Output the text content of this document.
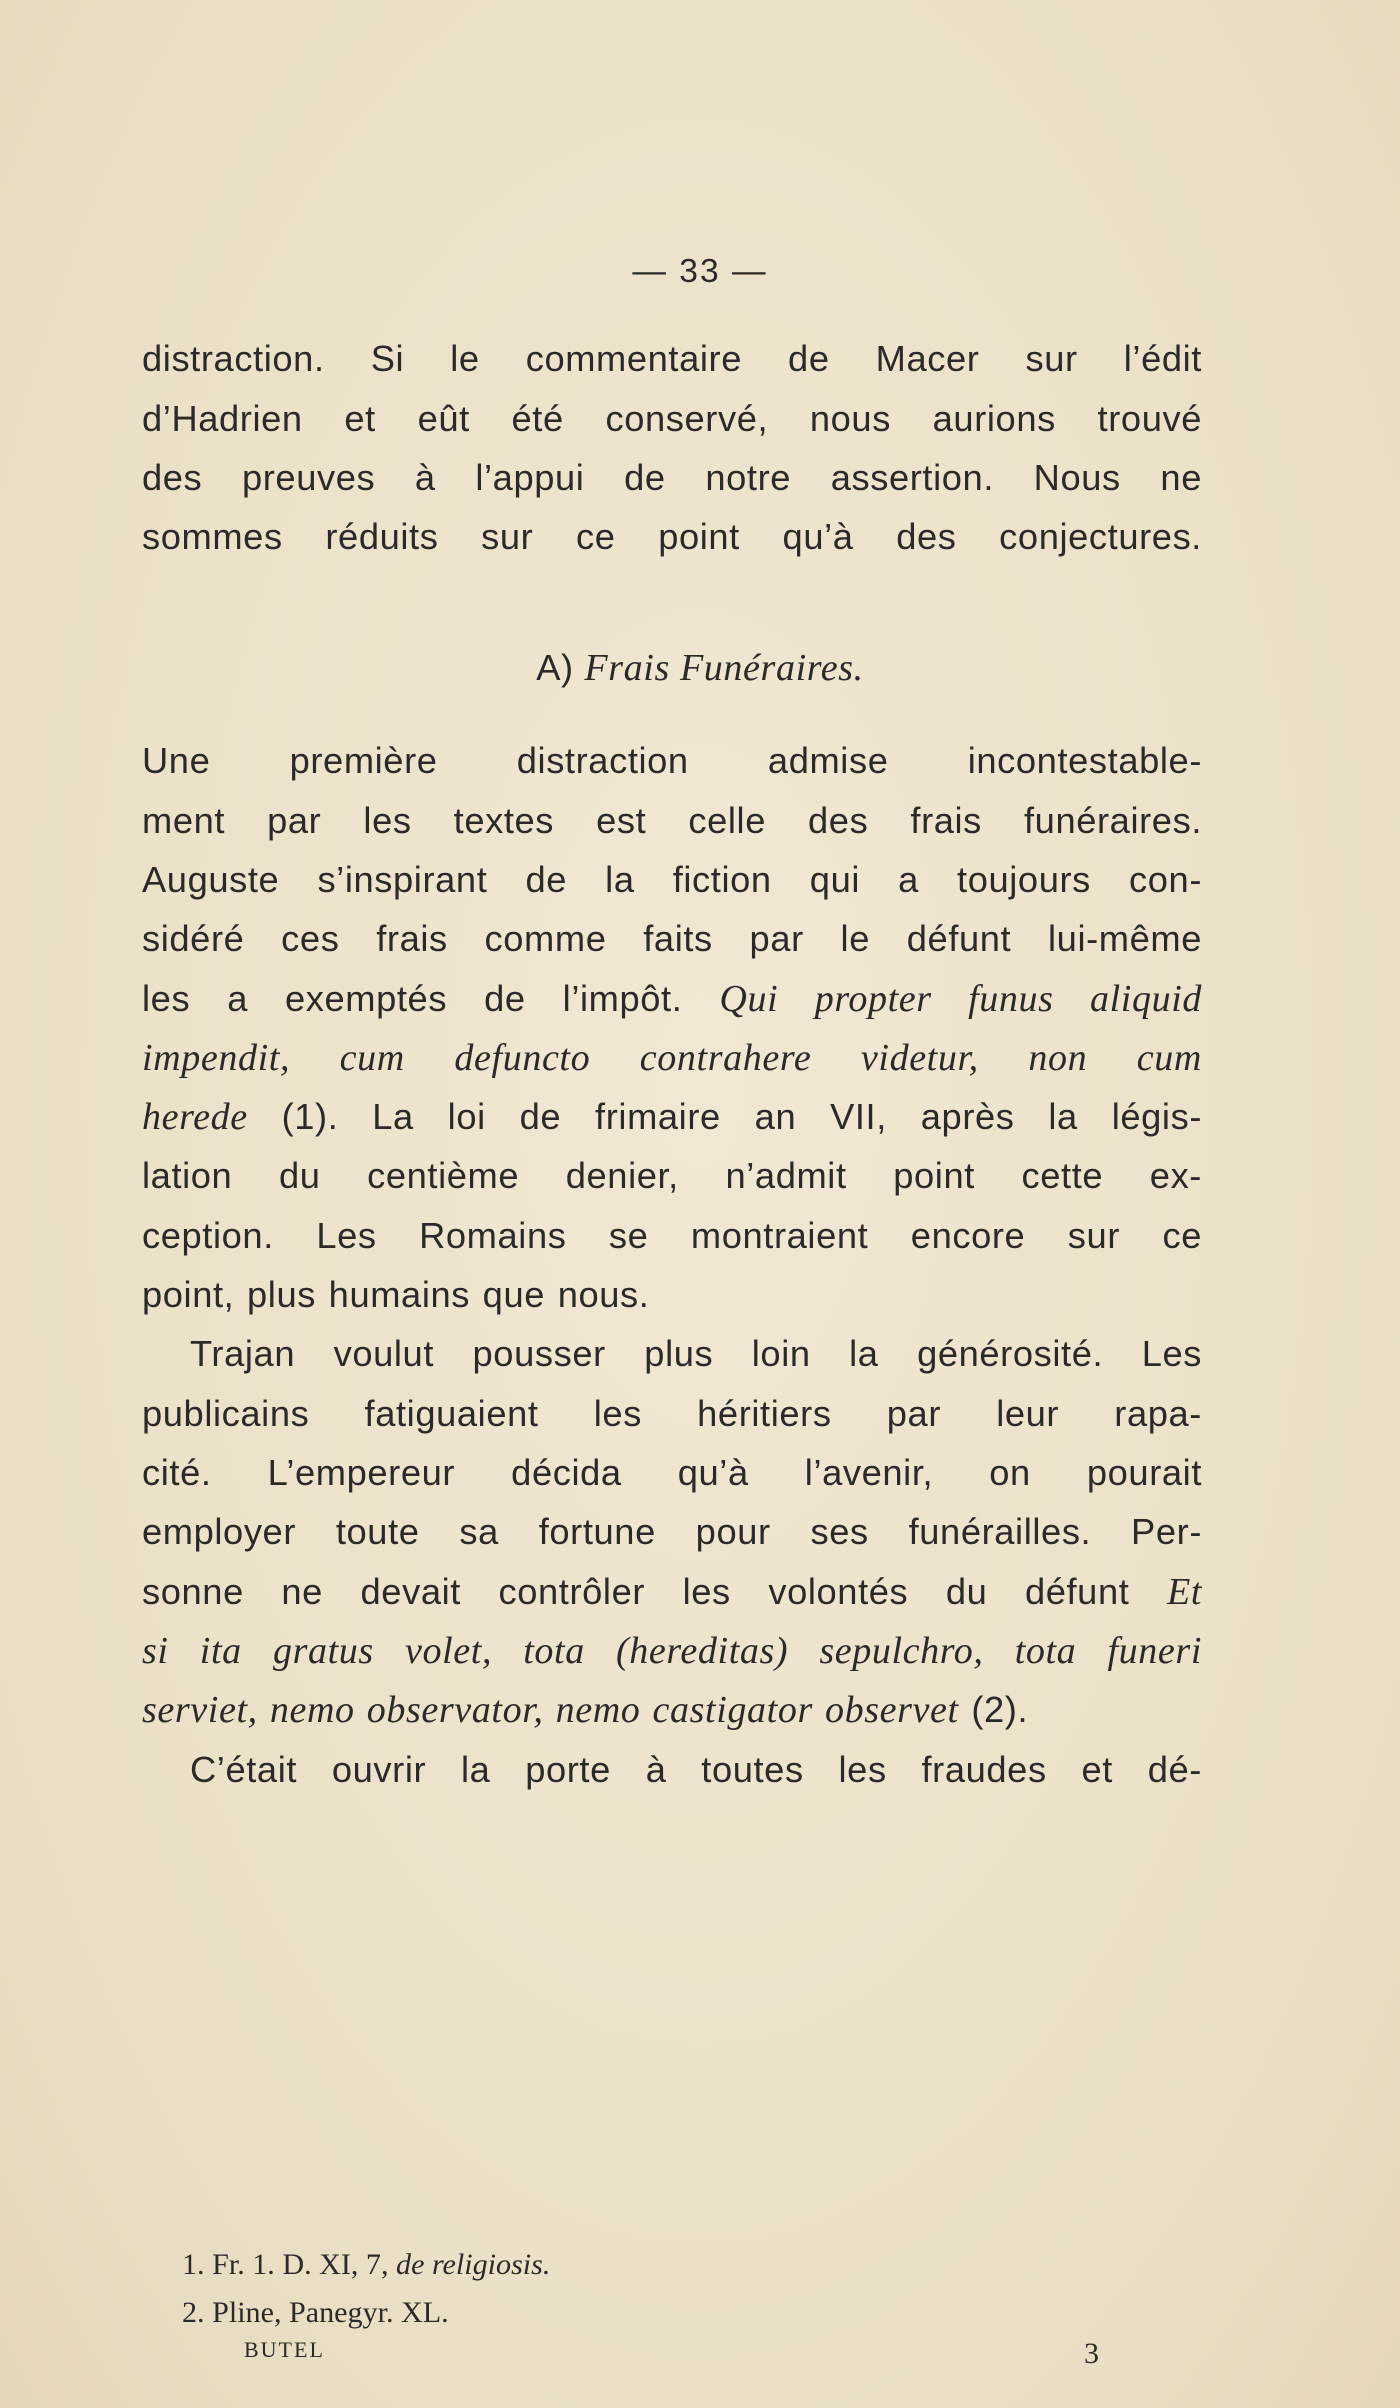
— 33 —
distraction. Si le commentaire de Macer sur l’édit
d’Hadrien et eût été conservé, nous aurions trouvé
des preuves à l’appui de notre assertion. Nous ne
sommes réduits sur ce point qu’à des conjectures.
A) Frais Funéraires.
Une première distraction admise incontestable-
ment par les textes est celle des frais funéraires.
Auguste s’inspirant de la fiction qui a toujours con-
sidéré ces frais comme faits par le défunt lui-même
les a exemptés de l’impôt. Qui propter funus aliquid
impendit, cum defuncto contrahere videtur, non cum
herede (1). La loi de frimaire an VII, après la légis-
lation du centième denier, n’admit point cette ex-
ception. Les Romains se montraient encore sur ce
point, plus humains que nous.
Trajan voulut pousser plus loin la générosité. Les
publicains fatiguaient les héritiers par leur rapa-
cité. L’empereur décida qu’à l’avenir, on pourait
employer toute sa fortune pour ses funérailles. Per-
sonne ne devait contrôler les volontés du défunt Et
si ita gratus volet, tota (hereditas) sepulchro, tota funeri
serviet, nemo observator, nemo castigator observet (2).
C’était ouvrir la porte à toutes les fraudes et dé-
1. Fr. 1. D. XI, 7, de religiosis.
2. Pline, Panegyr. XL.
BUTEL	3
